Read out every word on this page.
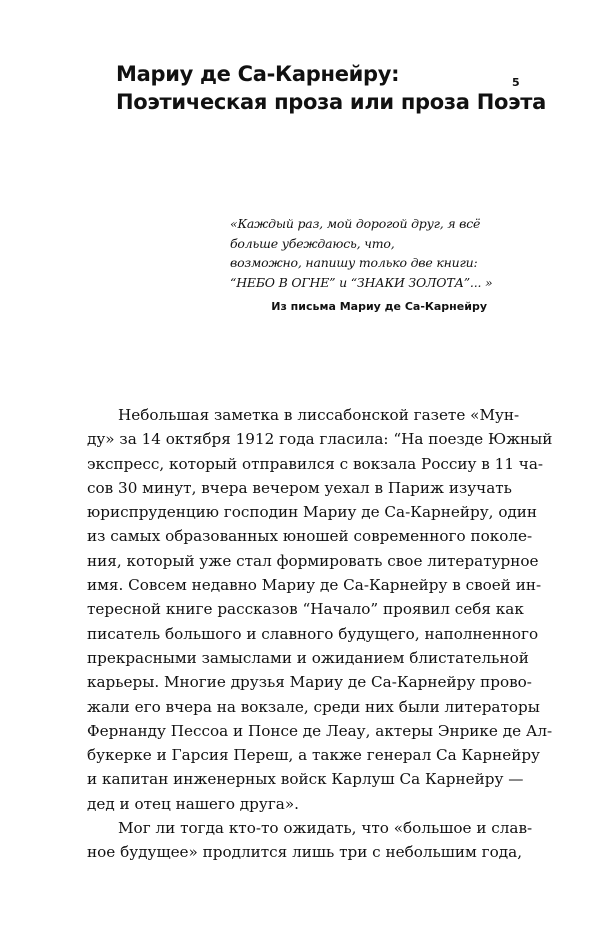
Мариу де Са-Карнейру:
Поэтическая проза или проза Поэта
5
«Каждый раз, мой дорогой друг, я всё
больше убеждаюсь, что,
возможно, напишу только две книги:
“НЕБО В ОГНЕ” и “ЗНАКИ ЗОЛОТА”... »
Из письма Мариу де Са-Карнейру
Небольшая заметка в лиссабонской газете «Мун-
ду» за 14 октября 1912 года гласила: “На поезде Южный
экспресс, который отправился с вокзала Россиу в 11 ча-
сов 30 минут, вчера вечером уехал в Париж изучать
юриспруденцию господин Мариу де Са-Карнейру, один
из самых образованных юношей современного поколе-
ния, который уже стал формировать свое литературное
имя. Совсем недавно Мариу де Са-Карнейру в своей ин-
тересной книге рассказов “Начало” проявил себя как
писатель большого и славного будущего, наполненного
прекрасными замыслами и ожиданием блистательной
карьеры. Многие друзья Мариу де Са-Карнейру прово-
жали его вчера на вокзале, среди них были литераторы
Фернанду Пессоа и Понсе де Леау, актеры Энрике де Ал-
букерке и Гарсия Переш, а также генерал Са Карнейру
и капитан инженерных войск Карлуш Са Карнейру —
дед и отец нашего друга».
Мог ли тогда кто-то ожидать, что «большое и слав-
ное будущее» продлится лишь три с небольшим года,
